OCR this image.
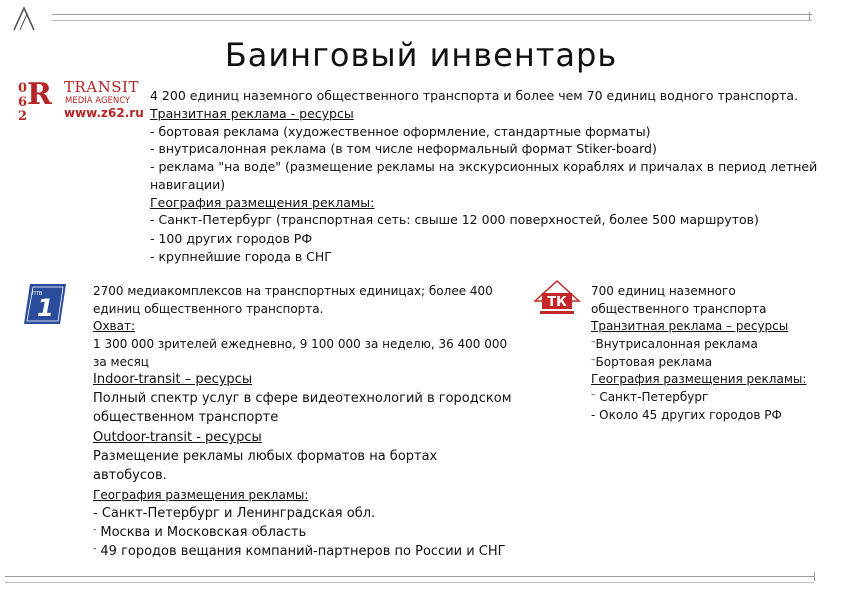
Баинговый инвентарь
0
6
2
R TRANSIT
MEDIA AGENCY
www.z62.ru
4 200 единиц наземного общественного транспорта и более чем 70 единиц водного транспорта.
Транзитная реклама - ресурсы
- бортовая реклама (художественное оформление, стандартные форматы)
- внутрисалонная реклама (в том числе неформальный формат Stiker-board)
- реклама "на воде" (размещение рекламы на экскурсионных кораблях и причалах в период летней
навигации)
География размещения рекламы:
- Санкт-Петербург (транспортная сеть: свыше 12 000 поверхностей, более 500 маршрутов)
- 100 других городов РФ
- крупнейшие города в СНГ
ПТВ
1
2700 медиакомплексов на транспортных единицах; более 400
единиц общественного транспорта.
Охват:
1 300 000 зрителей ежедневно, 9 100 000 за неделю, 36 400 000
за месяц
Indoor-transit – ресурсы
Полный спектр услуг в сфере видеотехнологий в городском
общественном транспорте
Outdoor-transit - ресурсы
Размещение рекламы любых форматов на бортах
автобусов.
География размещения рекламы:
- Санкт-Петербург и Ленинградская обл.
- Москва и Московская область
- 49 городов вещания компаний-партнеров по России и СНГ
ТК
700 единиц наземного
общественного транспорта
Транзитная реклама – ресурсы
–Внутрисалонная реклама
–Бортовая реклама
География размещения рекламы:
– Санкт-Петербург
- Около 45 других городов РФ
